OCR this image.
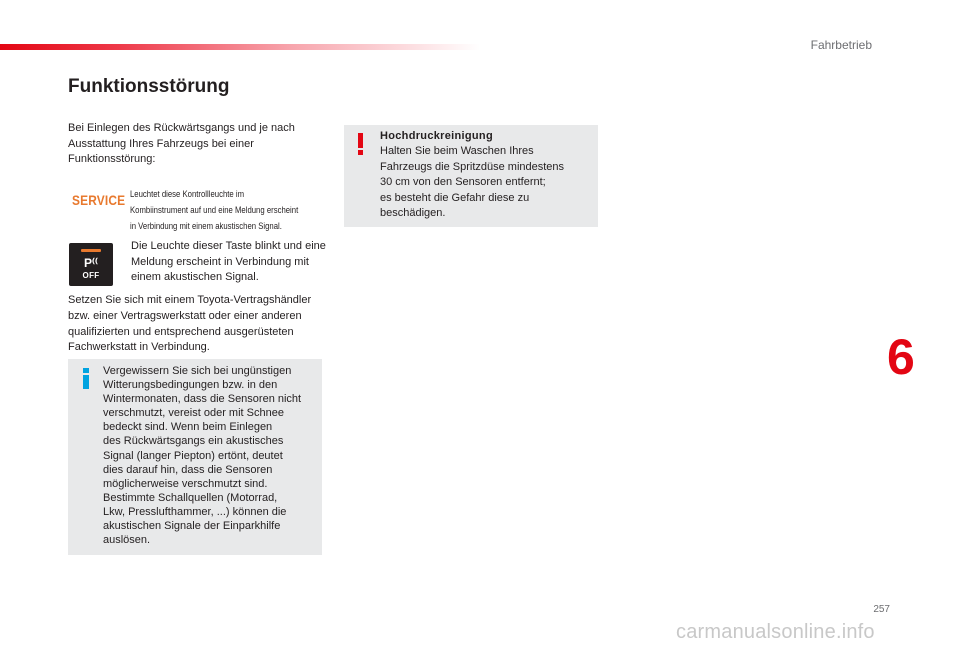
Fahrbetrieb
Funktionsstörung
Bei Einlegen des Rückwärtsgangs und je nach Ausstattung Ihres Fahrzeugs bei einer Funktionsstörung:
SERVICE Leuchtet diese Kontrollleuchte im
Kombiinstrument auf und eine Meldung erscheint
in Verbindung mit einem akustischen Signal.
P⁽⁽
OFF
Die Leuchte dieser Taste blinkt und eine Meldung erscheint in Verbindung mit einem akustischen Signal.
Setzen Sie sich mit einem Toyota-Vertragshändler bzw. einer Vertragswerkstatt oder einer anderen qualifizierten und entsprechend ausgerüsteten Fachwerkstatt in Verbindung.
Vergewissern Sie sich bei ungünstigen
Witterungsbedingungen bzw. in den
Wintermonaten, dass die Sensoren nicht
verschmutzt, vereist oder mit Schnee
bedeckt sind. Wenn beim Einlegen
des Rückwärtsgangs ein akustisches
Signal (langer Piepton) ertönt, deutet
dies darauf hin, dass die Sensoren
möglicherweise verschmutzt sind.
Bestimmte Schallquellen (Motorrad,
Lkw, Presslufthammer, ...) können die
akustischen Signale der Einparkhilfe
auslösen.
Hochdruckreinigung
Halten Sie beim Waschen Ihres
Fahrzeugs die Spritzdüse mindestens
30 cm von den Sensoren entfernt;
es besteht die Gefahr diese zu
beschädigen.
6
257
carmanualsonline.info
